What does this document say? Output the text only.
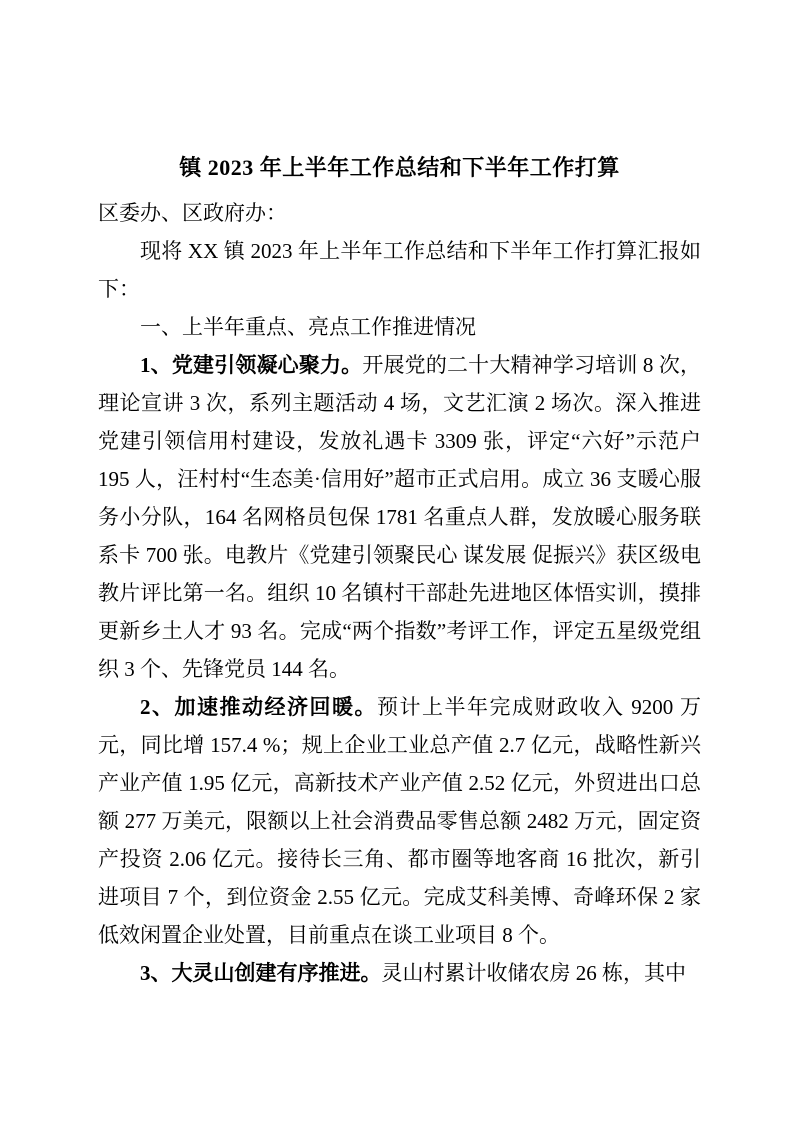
镇 2023 年上半年工作总结和下半年工作打算

区委办、区政府办：

现将 XX 镇 2023 年上半年工作总结和下半年工作打算汇报如下：

一、上半年重点、亮点工作推进情况

1、党建引领凝心聚力。开展党的二十大精神学习培训 8 次，理论宣讲 3 次，系列主题活动 4 场，文艺汇演 2 场次。深入推进党建引领信用村建设，发放礼遇卡 3309 张，评定“六好”示范户 195 人，汪村村“生态美·信用好”超市正式启用。成立 36 支暖心服务小分队，164 名网格员包保 1781 名重点人群，发放暖心服务联系卡 700 张。电教片《党建引领聚民心 谋发展 促振兴》获区级电教片评比第一名。组织 10 名镇村干部赴先进地区体悟实训，摸排更新乡土人才 93 名。完成“两个指数”考评工作，评定五星级党组织 3 个、先锋党员 144 名。

2、加速推动经济回暖。预计上半年完成财政收入 9200 万元，同比增 157.4 %；规上企业工业总产值 2.7 亿元，战略性新兴产业产值 1.95 亿元，高新技术产业产值 2.52 亿元，外贸进出口总额 277 万美元，限额以上社会消费品零售总额 2482 万元，固定资产投资 2.06 亿元。接待长三角、都市圈等地客商 16 批次，新引进项目 7 个，到位资金 2.55 亿元。完成艾科美博、奇峰环保 2 家低效闲置企业处置，目前重点在谈工业项目 8 个。

3、大灵山创建有序推进。灵山村累计收储农房 26 栋，其中
